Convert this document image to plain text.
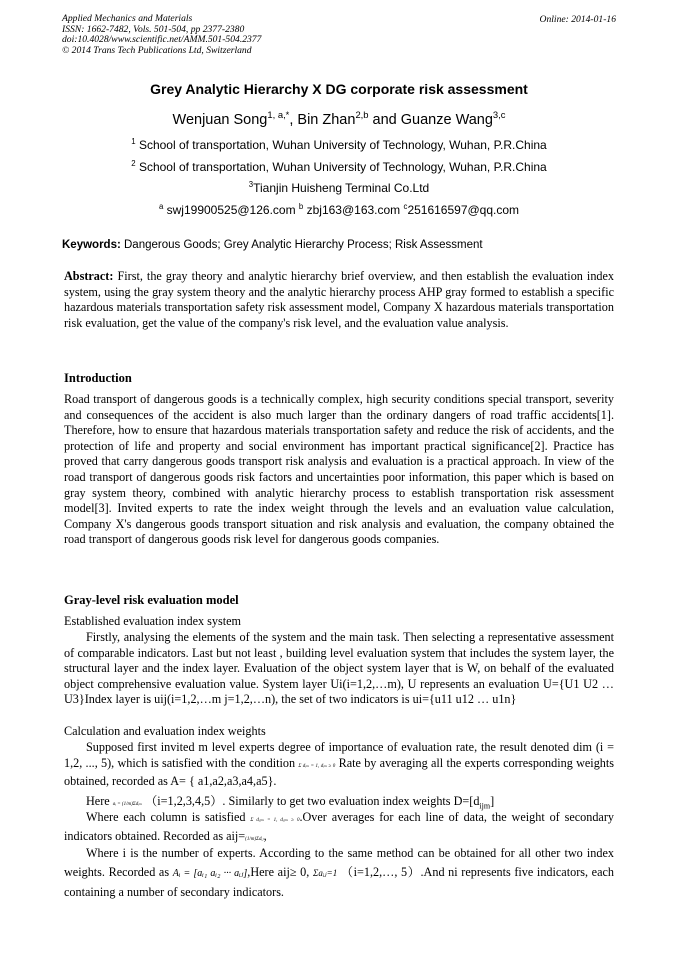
Applied Mechanics and Materials
ISSN: 1662-7482, Vols. 501-504, pp 2377-2380
doi:10.4028/www.scientific.net/AMM.501-504.2377
© 2014 Trans Tech Publications Ltd, Switzerland
Online: 2014-01-16
Grey Analytic Hierarchy X DG corporate risk assessment
Wenjuan Song$^{1, a,*}$, Bin Zhan$^{2,b}$ and Guanze Wang$^{3,c}$
$^1$ School of transportation, Wuhan University of Technology, Wuhan, P.R.China
$^2$ School of transportation, Wuhan University of Technology, Wuhan, P.R.China
$^3$Tianjin Huisheng Terminal Co.Ltd
$^a$ swj19900525@126.com $^b$ zbj163@163.com $^c$251616597@qq.com
Keywords: Dangerous Goods; Grey Analytic Hierarchy Process; Risk Assessment
Abstract: First, the gray theory and analytic hierarchy brief overview, and then establish the evaluation index system, using the gray system theory and the analytic hierarchy process AHP gray formed to establish a specific hazardous materials transportation safety risk assessment model, Company X hazardous materials transportation risk evaluation, get the value of the company's risk level, and the evaluation value analysis.
Introduction
Road transport of dangerous goods is a technically complex, high security conditions special transport, severity and consequences of the accident is also much larger than the ordinary dangers of road traffic accidents[1]. Therefore, how to ensure that hazardous materials transportation safety and reduce the risk of accidents, and the protection of life and property and social environment has important practical significance[2]. Practice has proved that carry dangerous goods transport risk analysis and evaluation is a practical approach. In view of the road transport of dangerous goods risk factors and uncertainties poor information, this paper which is based on gray system theory, combined with analytic hierarchy process to establish transportation risk assessment model[3]. Invited experts to rate the index weight through the levels and an evaluation value calculation, Company X's dangerous goods transport situation and risk analysis and evaluation, the company obtained the road transport of dangerous goods risk level for dangerous goods companies.
Gray-level risk evaluation model
Established evaluation index system
Firstly, analysing the elements of the system and the main task. Then selecting a representative assessment of comparable indicators. Last but not least , building level evaluation system that includes the system layer, the structural layer and the index layer. Evaluation of the object system layer that is W, on behalf of the evaluated object comprehensive evaluation value. System layer Ui(i=1,2,…m), U represents an evaluation U={U1 U2 … U3}Index layer is uij(i=1,2,…m j=1,2,…n), the set of two indicators is ui={u11 u12 … u1n}
Calculation and evaluation index weights
Supposed first invited m level experts degree of importance of evaluation rate, the result denoted dim (i = 1,2, ..., 5), which is satisfied with the condition Σ dᵢₘ = 1, dᵢₘ ≥ 0 Rate by averaging all the experts corresponding weights obtained, recorded as A= { a1,a2,a3,a4,a5}.
Here aᵢ = (1/m)Σdᵢₘ （i=1,2,3,4,5）. Similarly to get two evaluation index weights $D=[d_{ijm}]$
Where each column is satisfied Σ dᵢⱼₘ = 1, dᵢⱼₘ ≥ 0.Over averages for each line of data, the weight of secondary indicators obtained. Recorded as aij=(1/m)Σdᵢⱼ,
Where i is the number of experts. According to the same method can be obtained for all other two index weights. Recorded as Aᵢ = [aᵢ₁ aᵢ₂ ··· aᵢⱼ],Here aij≥ 0, Σaᵢⱼ=1 （i=1,2,…, 5）.And ni represents five indicators, each containing a number of secondary indicators.
